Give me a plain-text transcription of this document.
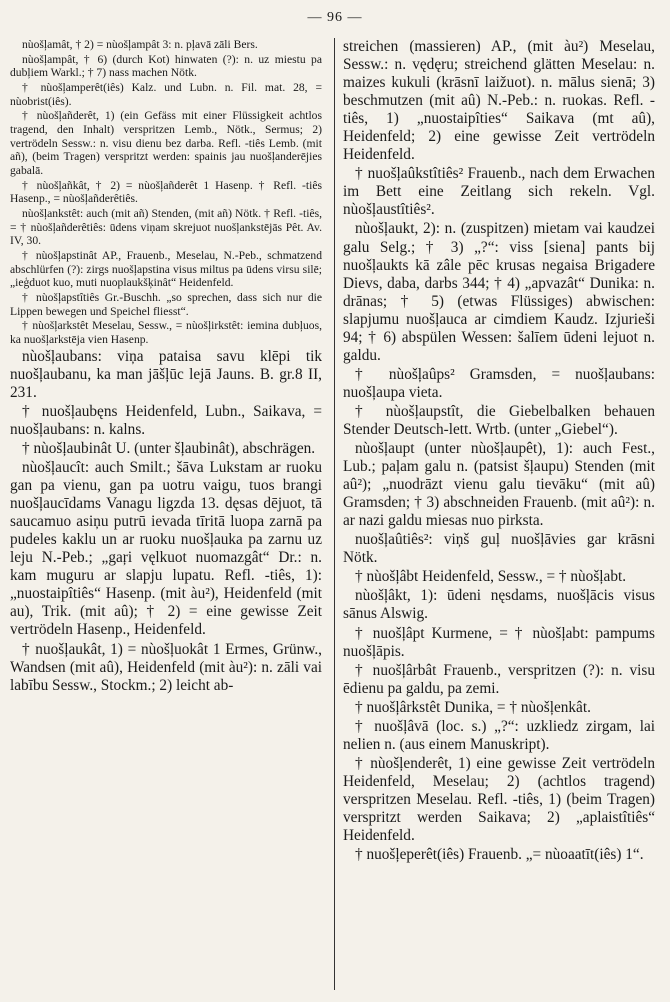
— 96 —

nùošļamât, † 2) = nùošļampât 3: n. pļavā zāli Bers.

nùošļampât, † 6) (durch Kot) hinwaten (?): n. uz miestu pa dubļiem Warkl.; † 7) nass machen Nötk.

† nùošļamperêt(iês) Kalz. und Lubn. n. Fil. mat. 28, = nùobrist(iês).

† nùošļañderêt, 1) (ein Gefäss mit einer Flüssigkeit achtlos tragend, den Inhalt) verspritzen Lemb., Nötk., Sermus; 2) vertrödeln Sessw.: n. visu dienu bez darba. Refl. -tiês Lemb. (mit añ), (beim Tragen) verspritzt werden: spainis jau nuošļanderējies gabalā.

† nùošļañkât, † 2) = nùošļañderêt 1 Hasenp. † Refl. -tiês Hasenp., = nùošļañderêtiês.

nùošļankstêt: auch (mit añ) Stenden, (mit añ) Nötk. † Refl. -tiês, = † nùošļañderêtiês: ūdens viņam skrejuot nuošļankstējās Pêt. Av. IV, 30.

† nùošļapstinât AP., Frauenb., Meselau, N.-Peb., schmatzend abschlürfen (?): zirgs nuošļapstina visus miltus pa ūdens virsu silē; „ieģduot kuo, muti nuoplaukšķinât“ Heidenfeld.

† nùošļapstîtiês Gr.-Buschh. „so sprechen, dass sich nur die Lippen bewegen und Speichel fliesst“.

† nùošļarkstêt Meselau, Sessw., = nùošļirkstêt: iemina dubļuos, ka nuošļarkstēja vien Hasenp.

nùošļaubans: viņa pataisa savu klēpi tik nuošļaubanu, ka man jāšļūc lejā Jauns. B. gr.8 II, 231.

† nuošļaubęns Heidenfeld, Lubn., Saikava, = nuošļaubans: n. kalns.

† nùošļaubinât U. (unter šļaubinât), abschrägen.

nùošļaucît: auch Smilt.; šāva Lukstam ar ruoku gan pa vienu, gan pa uotru vaigu, tuos brangi nuošļaucīdams Vanagu ligzda 13. dęsas dējuot, tā saucamuo asiņu putrū ievada tīritā luopa zarnā pa pudeles kaklu un ar ruoku nuošļauka pa zarnu uz leju N.-Peb.; „gaŗi vęlkuot nuomazgât“ Dr.: n. kam muguru ar slapju lupatu. Refl. -tiês, 1): „nuostaipîtiês“ Hasenp. (mit àu²), Heidenfeld (mit au), Trik. (mit aû); † 2) = eine gewisse Zeit vertrödeln Hasenp., Heidenfeld.

† nuošļaukât, 1) = nùošļuokât 1 Ermes, Grünw., Wandsen (mit aû), Heidenfeld (mit àu²): n. zāli vai labību Sessw., Stockm.; 2) leicht ab-

streichen (massieren) AP., (mit àu²) Meselau, Sessw.: n. vędęru; streichend glätten Meselau: n. maizes kukuli (krāsnī laižuot). n. mālus sienā; 3) beschmutzen (mit aû) N.-Peb.: n. ruokas. Refl. -tiês, 1) „nuostaipîties“ Saikava (mt aû), Heidenfeld; 2) eine gewisse Zeit vertrödeln Heidenfeld.

† nuošļaûkstîtiês² Frauenb., nach dem Erwachen im Bett eine Zeitlang sich rekeln. Vgl. nùošļaustîtiês².

nùošļaukt, 2): n. (zuspitzen) mietam vai kaudzei galu Selg.; † 3) „?“: viss [siena] pants bij nuošļaukts kā zâle pēc krusas negaisa Brigadere Dievs, daba, darbs 344; † 4) „apvazât“ Dunika: n. drānas; † 5) (etwas Flüssiges) abwischen: slapjumu nuošļauca ar cimdiem Kaudz. Izjurieši 94; † 6) abspülen Wessen: šalīem ūdeni lejuot n. galdu.

† nùošļaûps² Gramsden, = nuošļaubans: nuošļaupa vieta.

† nùošļaupstît, die Giebelbalken behauen Stender Deutsch-lett. Wrtb. (unter „Giebel“).

nùošļaupt (unter nùošļaupêt), 1): auch Fest., Lub.; paļam galu n. (patsist šļaupu) Stenden (mit aû²); „nuodrāzt vienu galu tievāku“ (mit aû) Gramsden; † 3) abschneiden Frauenb. (mit aû²): n. ar nazi galdu miesas nuo pirksta.

nuošļaûtiês²: viņš guļ nuošļāvies gar krāsni Nötk.

† nùošļâbt Heidenfeld, Sessw., = † nùošļabt.

nùošļâkt, 1): ūdeni nęsdams, nuošļācis visus sānus Alswig.

† nuošļâpt Kurmene, = † nùošļabt: pampums nuošļāpis.

† nuošļârbât Frauenb., verspritzen (?): n. visu ēdienu pa galdu, pa zemi.

† nuošļârkstêt Dunika, = † nùošļenkât.

† nuošļâvā (loc. s.) „?“: uzkliedz zirgam, lai nelien n. (aus einem Manuskript).

† nùošļenderêt, 1) eine gewisse Zeit vertrödeln Heidenfeld, Meselau; 2) (achtlos tragend) verspritzen Meselau. Refl. -tiês, 1) (beim Tragen) verspritzt werden Saikava; 2) „aplaistîtiês“ Heidenfeld.

† nuošļeperêt(iês) Frauenb. „= nùoaatīt(iês) 1“.
